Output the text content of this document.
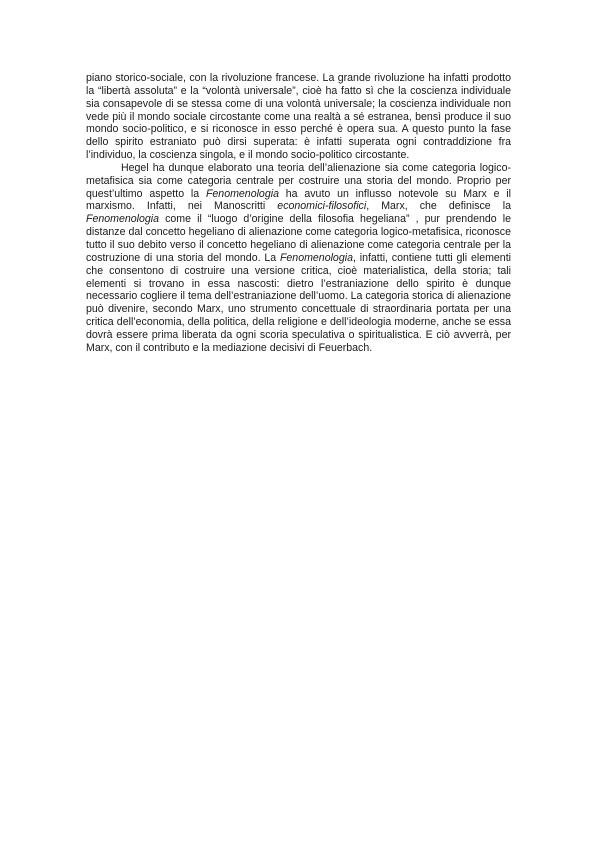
piano storico-sociale, con la rivoluzione francese. La grande rivoluzione ha infatti prodotto la “libertà assoluta” e la “volontà universale”, cioè ha fatto sì che la coscienza individuale sia consapevole di se stessa come di una volontà universale; la coscienza individuale non vede più il mondo sociale circostante come una realtà a sé estranea, bensì produce il suo mondo socio-politico, e si riconosce in esso perché è opera sua. A questo punto la fase dello spirito estraniato può dirsi superata: è infatti superata ogni contraddizione fra l’individuo, la coscienza singola, e il mondo socio-politico circostante.

Hegel ha dunque elaborato una teoria dell’alienazione sia come categoria logico-metafisica sia come categoria centrale per costruire una storia del mondo. Proprio per quest’ultimo aspetto la Fenomenologia ha avuto un influsso notevole su Marx e il marxismo. Infatti, nei Manoscritti economici-filosofici, Marx, che definisce la Fenomenologia come il “luogo d’origine della filosofia hegeliana” , pur prendendo le distanze dal concetto hegeliano di alienazione come categoria logico-metafisica, riconosce tutto il suo debito verso il concetto hegeliano di alienazione come categoria centrale per la costruzione di una storia del mondo. La Fenomenologia, infatti, contiene tutti gli elementi che consentono di costruire una versione critica, cioè materialistica, della storia; tali elementi si trovano in essa nascosti: dietro l’estraniazione dello spirito è dunque necessario cogliere il tema dell’estraniazione dell’uomo. La categoria storica di alienazione può divenire, secondo Marx, uno strumento concettuale di straordinaria portata per una critica dell’economia, della politica, della religione e dell’ideologia moderne, anche se essa dovrà essere prima liberata da ogni scoria speculativa o spiritualistica. E ciò avverrà, per Marx, con il contributo e la mediazione decisivi di Feuerbach.
